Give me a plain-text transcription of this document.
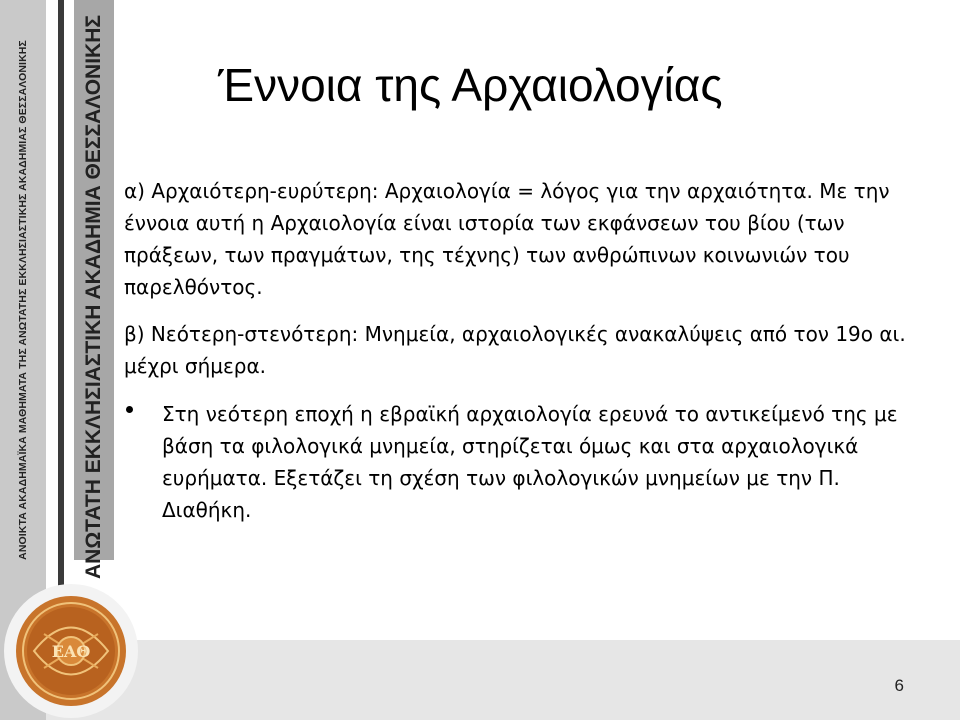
ΑΝΟΙΚΤΑ ΑΚΑΔΗΜΑΪΚΑ ΜΑΘΗΜΑΤΑ ΤΗΣ ΑΝΩΤΑΤΗΣ ΕΚΚΛΗΣΙΑΣΤΙΚΗΣ ΑΚΑΔΗΜΙΑΣ ΘΕΣΣΑΛΟΝΙΚΗΣ	ΑΝΩΤΑΤΗ ΕΚΚΛΗΣΙΑΣΤΙΚΗ ΑΚΑΔΗΜΙΑ ΘΕΣΣΑΛΟΝΙΚΗΣ
6
ΕΑΘ
Έννοια της Αρχαιολογίας

α) Αρχαιότερη-ευρύτερη: Αρχαιολογία = λόγος για την αρχαιότητα. Με την έννοια αυτή η Αρχαιολογία είναι ιστορία των εκφάνσεων του βίου (των πράξεων, των πραγμάτων, της τέχνης) των ανθρώπινων κοινωνιών του παρελθόντος.

β) Νεότερη-στενότερη: Μνημεία, αρχαιολογικές ανακαλύψεις από τον 19ο αι. μέχρι σήμερα.

Στη νεότερη εποχή η εβραϊκή αρχαιολογία ερευνά το αντικείμενό της με βάση τα φιλολογικά μνημεία, στηρίζεται όμως και στα αρχαιολογικά ευρήματα. Εξετάζει τη σχέση των φιλολογικών μνημείων με την Π. Διαθήκη.
